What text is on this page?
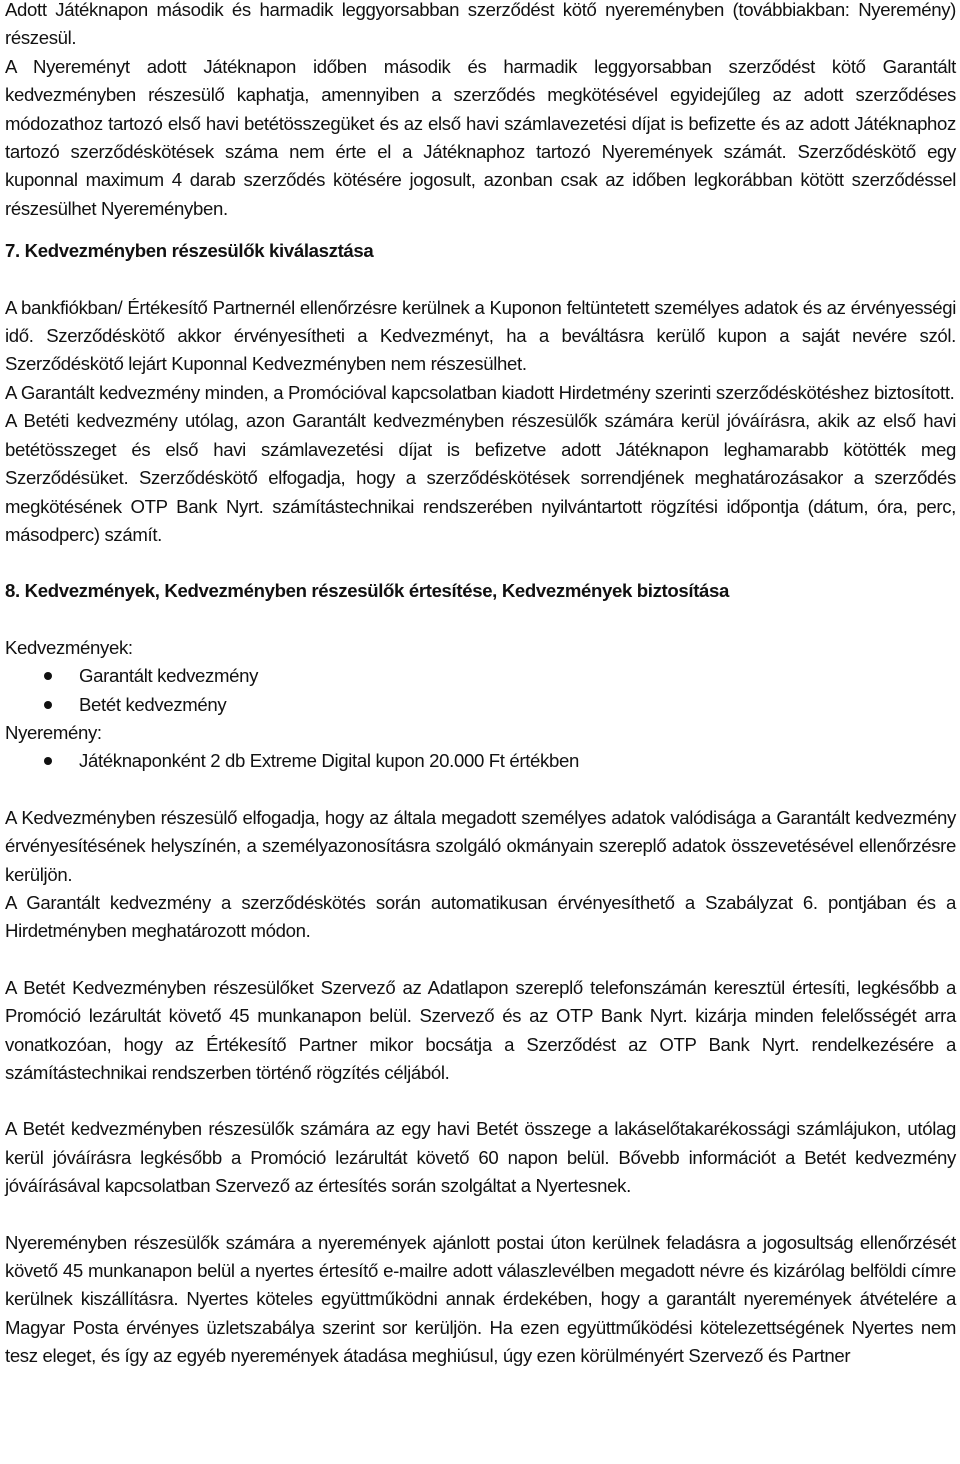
Adott Játéknapon második és harmadik leggyorsabban szerződést kötő nyereményben (továbbiakban: Nyeremény) részesül.

A Nyereményt adott Játéknapon időben második és harmadik leggyorsabban szerződést kötő Garantált kedvezményben részesülő kaphatja, amennyiben a szerződés megkötésével egyidejűleg az adott szerződéses módozathoz tartozó első havi betétösszegüket és az első havi számlavezetési díjat is befizette és az adott Játéknaphoz tartozó szerződéskötések száma nem érte el a Játéknaphoz tartozó Nyeremények számát. Szerződéskötő egy kuponnal maximum 4 darab szerződés kötésére jogosult, azonban csak az időben legkorábban kötött szerződéssel részesülhet Nyereményben.

7. Kedvezményben részesülők kiválasztása

A bankfiókban/ Értékesítő Partnernél ellenőrzésre kerülnek a Kuponon feltüntetett személyes adatok és az érvényességi idő. Szerződéskötő akkor érvényesítheti a Kedvezményt, ha a beváltásra kerülő kupon a saját nevére szól. Szerződéskötő lejárt Kuponnal Kedvezményben nem részesülhet.

A Garantált kedvezmény minden, a Promócióval kapcsolatban kiadott Hirdetmény szerinti szerződéskötéshez biztosított.

A Betéti kedvezmény utólag, azon Garantált kedvezményben részesülők számára kerül jóváírásra, akik az első havi betétösszeget és első havi számlavezetési díjat is befizetve adott Játéknapon leghamarabb kötötték meg Szerződésüket. Szerződéskötő elfogadja, hogy a szerződéskötések sorrendjének meghatározásakor a szerződés megkötésének OTP Bank Nyrt. számítástechnikai rendszerében nyilvántartott rögzítési időpontja (dátum, óra, perc, másodperc) számít.

8. Kedvezmények, Kedvezményben részesülők értesítése, Kedvezmények biztosítása

Kedvezmények:

Garantált kedvezmény
Betét kedvezmény

Nyeremény:

Játéknaponként 2 db Extreme Digital kupon 20.000 Ft értékben

A Kedvezményben részesülő elfogadja, hogy az általa megadott személyes adatok valódisága a Garantált kedvezmény érvényesítésének helyszínén, a személyazonosításra szolgáló okmányain szereplő adatok összevetésével ellenőrzésre kerüljön.

A Garantált kedvezmény a szerződéskötés során automatikusan érvényesíthető a Szabályzat 6. pontjában és a Hirdetményben meghatározott módon.

A Betét Kedvezményben részesülőket Szervező az Adatlapon szereplő telefonszámán keresztül értesíti, legkésőbb a Promóció lezárultát követő 45 munkanapon belül. Szervező és az OTP Bank Nyrt. kizárja minden felelősségét arra vonatkozóan, hogy az Értékesítő Partner mikor bocsátja a Szerződést az OTP Bank Nyrt. rendelkezésére a számítástechnikai rendszerben történő rögzítés céljából.

A Betét kedvezményben részesülők számára az egy havi Betét összege a lakáselőtakarékossági számlájukon, utólag kerül jóváírásra legkésőbb a Promóció lezárultát követő 60 napon belül. Bővebb információt a Betét kedvezmény jóváírásával kapcsolatban Szervező az értesítés során szolgáltat a Nyertesnek.

Nyereményben részesülők számára a nyeremények ajánlott postai úton kerülnek feladásra a jogosultság ellenőrzését követő 45 munkanapon belül a nyertes értesítő e-mailre adott válaszlevélben megadott névre és kizárólag belföldi címre kerülnek kiszállításra. Nyertes köteles együttműködni annak érdekében, hogy a garantált nyeremények átvételére a Magyar Posta érvényes üzletszabálya szerint sor kerüljön. Ha ezen együttműködési kötelezettségének Nyertes nem tesz eleget, és így az egyéb nyeremények átadása meghiúsul, úgy ezen körülményért Szervező és Partner
